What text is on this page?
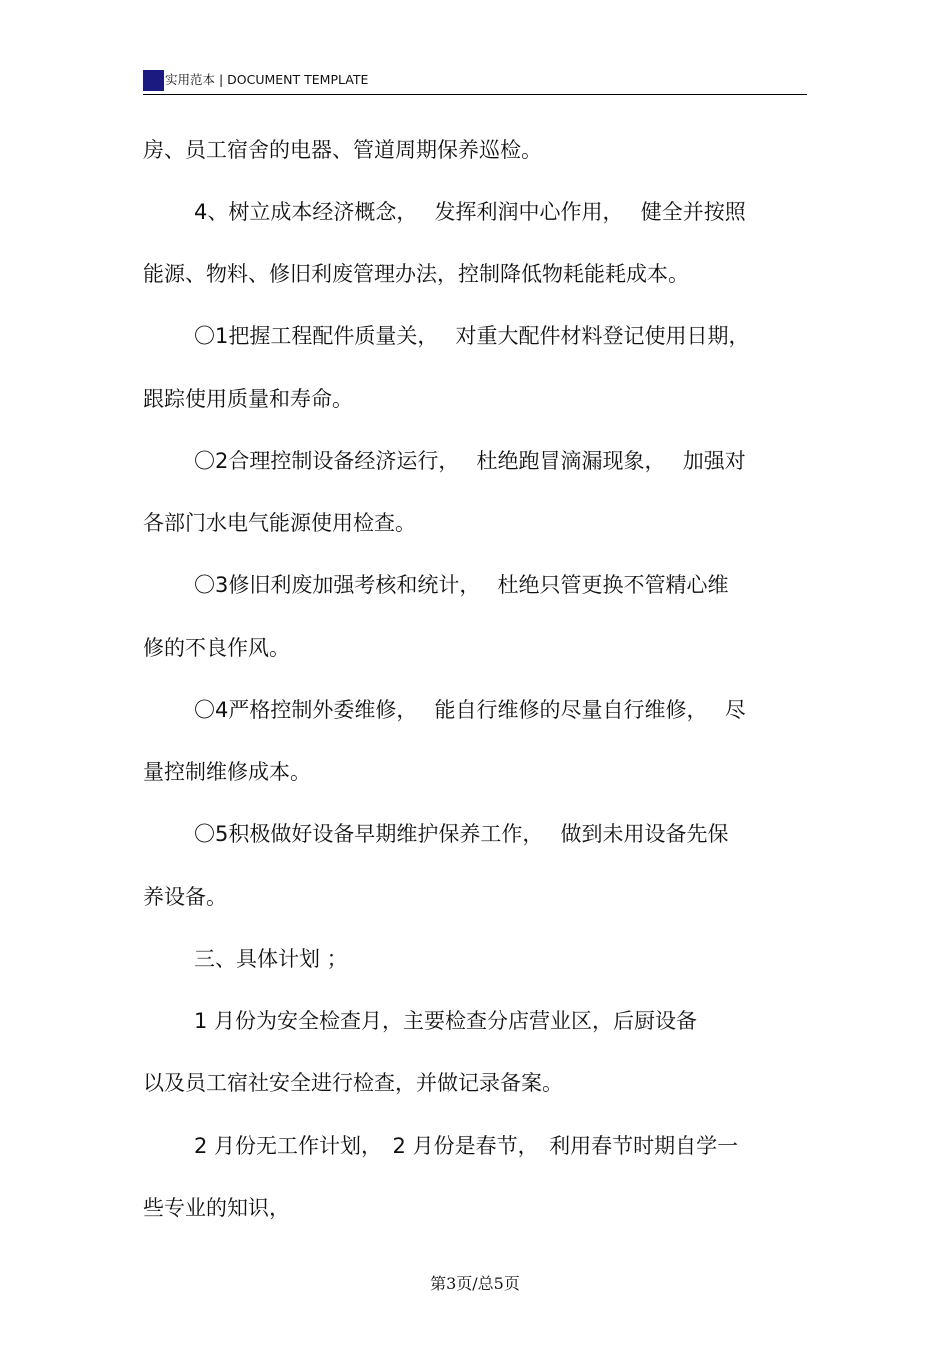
实用范本 | DOCUMENT TEMPLATE
房、员工宿舍的电器、管道周期保养巡检。
4、树立成本经济概念，　 发挥利润中心作用，　 健全并按照
能源、物料、修旧利废管理办法，控制降低物耗能耗成本。
〇1把握工程配件质量关，　 对重大配件材料登记使用日期，
跟踪使用质量和寿命。
〇2合理控制设备经济运行，　 杜绝跑冒滴漏现象，　 加强对
各部门水电气能源使用检查。
〇3修旧利废加强考核和统计，　 杜绝只管更换不管精心维
修的不良作风。
〇4严格控制外委维修，　 能自行维修的尽量自行维修，　 尽
量控制维修成本。
〇5积极做好设备早期维护保养工作，　 做到未用设备先保
养设备。
三、具体计划 ；
1 月份为安全检查月，主要检查分店营业区，后厨设备
以及员工宿社安全进行检查，并做记录备案。
2 月份无工作计划，　2 月份是春节，　利用春节时期自学一
些专业的知识，
第3页/总5页
